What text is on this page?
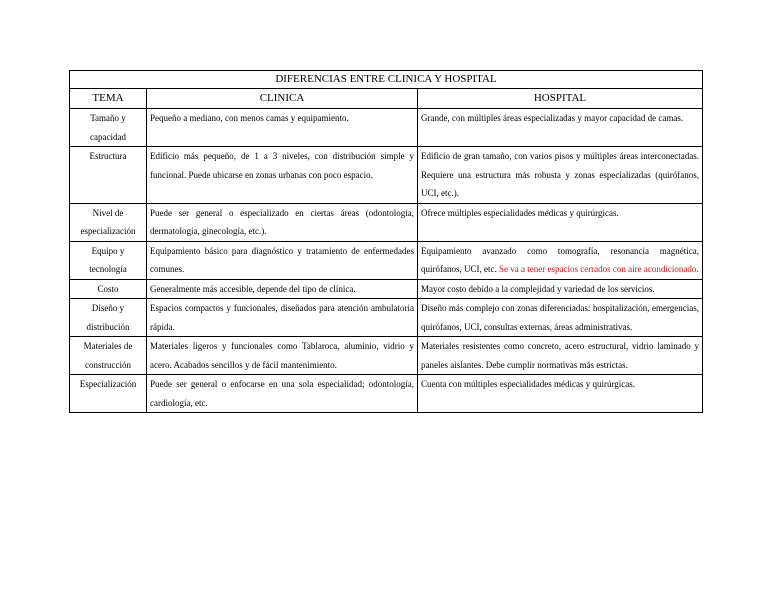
DIFERENCIAS ENTRE CLINICA Y HOSPITAL		
TEMA	CLINICA	HOSPITAL
Tamaño y capacidad	Pequeño a mediano, con menos camas y equipamiento.	Grande, con múltiples áreas especializadas y mayor capacidad de camas.
Estructura	Edificio más pequeño, de 1 a 3 niveles, con distribución simple y funcional. Puede ubicarse en zonas urbanas con poco espacio.	Edificio de gran tamaño, con varios pisos y múltiples áreas interconectadas. Requiere una estructura más robusta y zonas especializadas (quirófanos, UCI, etc.).
Nivel de especialización	Puede ser general o especializado en ciertas áreas (odontología, dermatología, ginecología, etc.).	Ofrece múltiples especialidades médicas y quirúrgicas.
Equipo y tecnología	Equipamiento básico para diagnóstico y tratamiento de enfermedades comunes.	Equipamiento avanzado como tomografía, resonancia magnética, quirófanos, UCI, etc. Se va a tener espacios cerrados con aire acondicionado.
Costo	Generalmente más accesible, depende del tipo de clínica.	Mayor costo debido a la complejidad y variedad de los servicios.
Diseño y distribución	Espacios compactos y funcionales, diseñados para atención ambulatoria rápida.	Diseño más complejo con zonas diferenciadas: hospitalización, emergencias, quirófanos, UCI, consultas externas, áreas administrativas.
Materiales de construcción	Materiales ligeros y funcionales como Tablaroca, aluminio, vidrio y acero. Acabados sencillos y de fácil mantenimiento.	Materiales resistentes como concreto, acero estructural, vidrio laminado y paneles aislantes. Debe cumplir normativas más estrictas.
Especialización	Puede ser general o enfocarse en una sola especialidad; odontología, cardiología, etc.	Cuenta con múltiples especialidades médicas y quirúrgicas.
